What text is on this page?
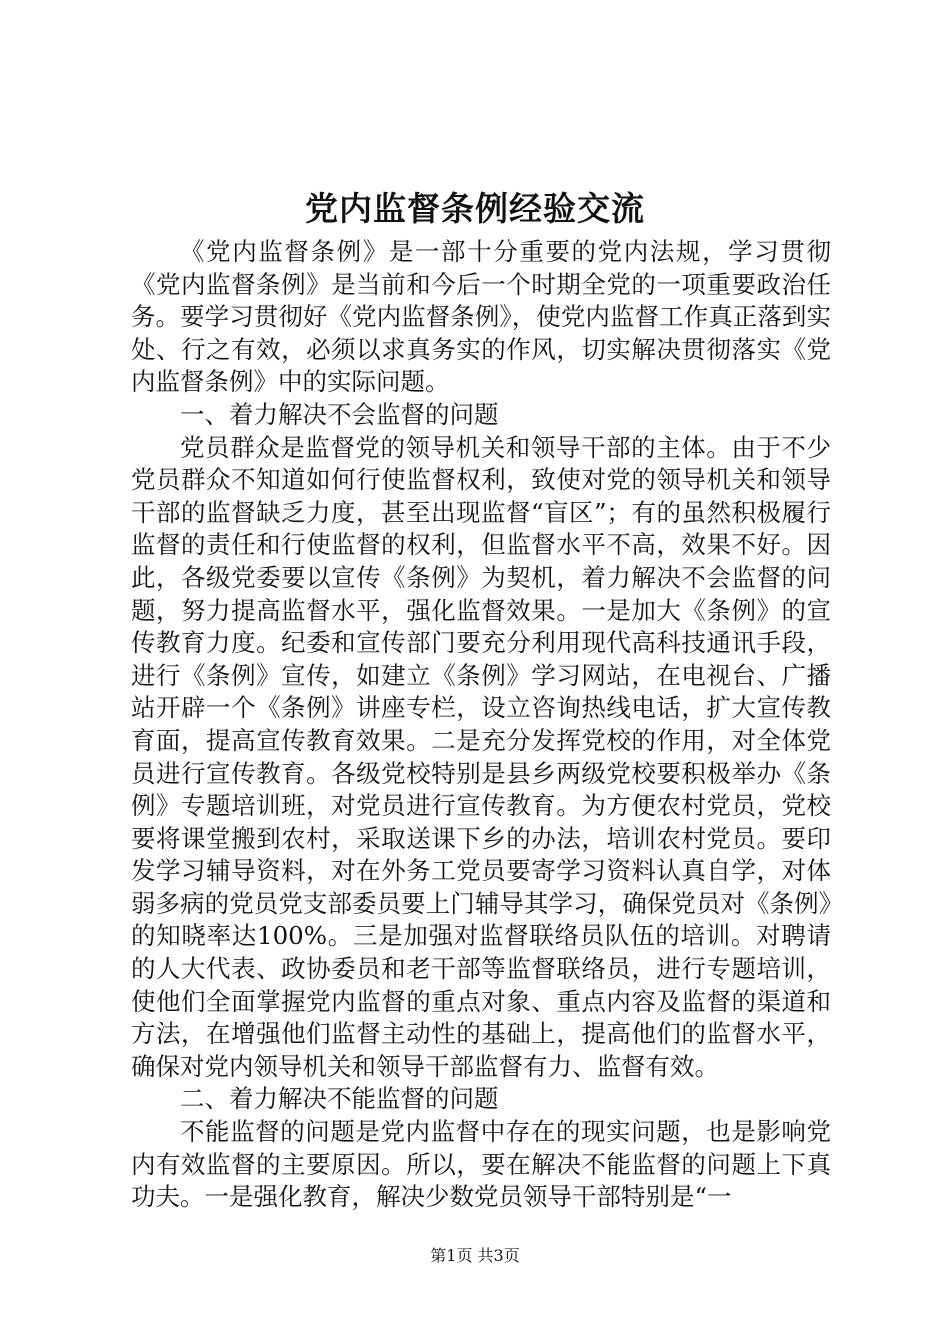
党内监督条例经验交流

《党内监督条例》是一部十分重要的党内法规，学习贯彻《党内监督条例》是当前和今后一个时期全党的一项重要政治任务。要学习贯彻好《党内监督条例》，使党内监督工作真正落到实处、行之有效，必须以求真务实的作风，切实解决贯彻落实《党内监督条例》中的实际问题。

一、着力解决不会监督的问题

党员群众是监督党的领导机关和领导干部的主体。由于不少党员群众不知道如何行使监督权利，致使对党的领导机关和领导干部的监督缺乏力度，甚至出现监督“盲区”；有的虽然积极履行监督的责任和行使监督的权利，但监督水平不高，效果不好。因此，各级党委要以宣传《条例》为契机，着力解决不会监督的问题，努力提高监督水平，强化监督效果。一是加大《条例》的宣传教育力度。纪委和宣传部门要充分利用现代高科技通讯手段，进行《条例》宣传，如建立《条例》学习网站，在电视台、广播站开辟一个《条例》讲座专栏，设立咨询热线电话，扩大宣传教育面，提高宣传教育效果。二是充分发挥党校的作用，对全体党员进行宣传教育。各级党校特别是县乡两级党校要积极举办《条例》专题培训班，对党员进行宣传教育。为方便农村党员，党校要将课堂搬到农村，采取送课下乡的办法，培训农村党员。要印发学习辅导资料，对在外务工党员要寄学习资料认真自学，对体弱多病的党员党支部委员要上门辅导其学习，确保党员对《条例》的知晓率达100%。三是加强对监督联络员队伍的培训。对聘请的人大代表、政协委员和老干部等监督联络员，进行专题培训，使他们全面掌握党内监督的重点对象、重点内容及监督的渠道和方法，在增强他们监督主动性的基础上，提高他们的监督水平，确保对党内领导机关和领导干部监督有力、监督有效。

二、着力解决不能监督的问题

不能监督的问题是党内监督中存在的现实问题，也是影响党内有效监督的主要原因。所以，要在解决不能监督的问题上下真功夫。一是强化教育，解决少数党员领导干部特别是“一

第1页 共3页
